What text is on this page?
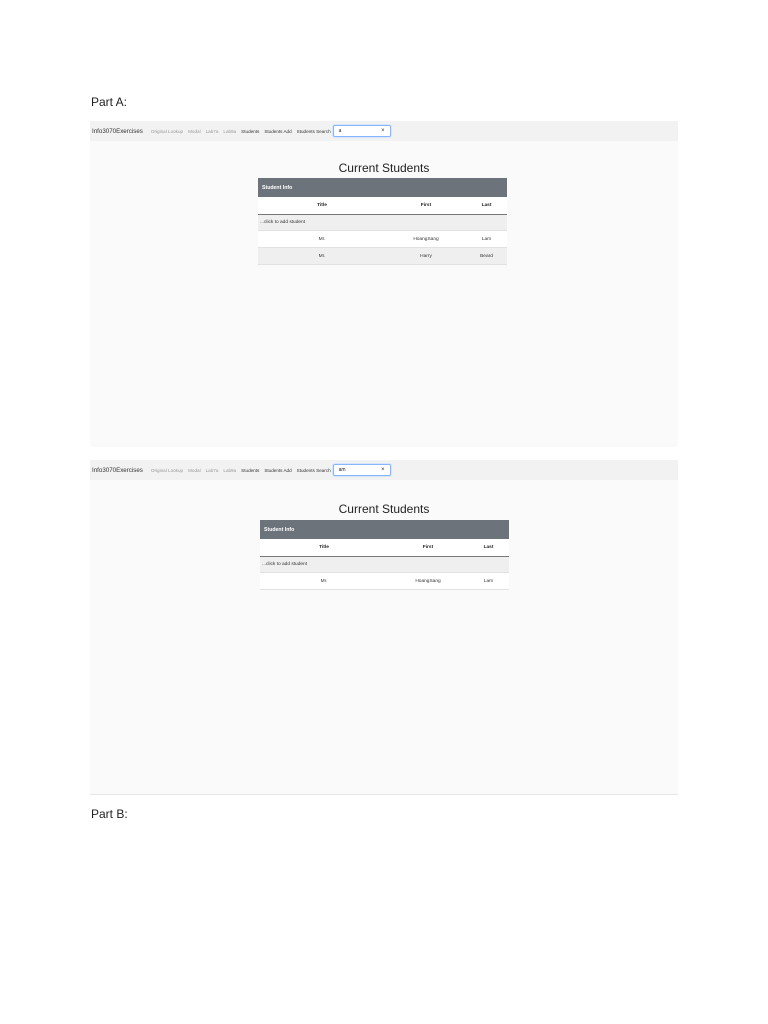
Part A:
Info3070Exercises Original Lookup Modal Lab7a Lab9a Students Students Add Students Search a	×
Current Students
Student Info
Title	First	Last
...click to add student
Mr.	HoangSang	Lam
Mr.	Harry	Beard
Info3070Exercises Original Lookup Modal Lab7a Lab9a Students Students Add Students Search am	×
Current Students
Student Info
Title	First	Last
...click to add student
Mr.	HoangSang	Lam
Part B:
